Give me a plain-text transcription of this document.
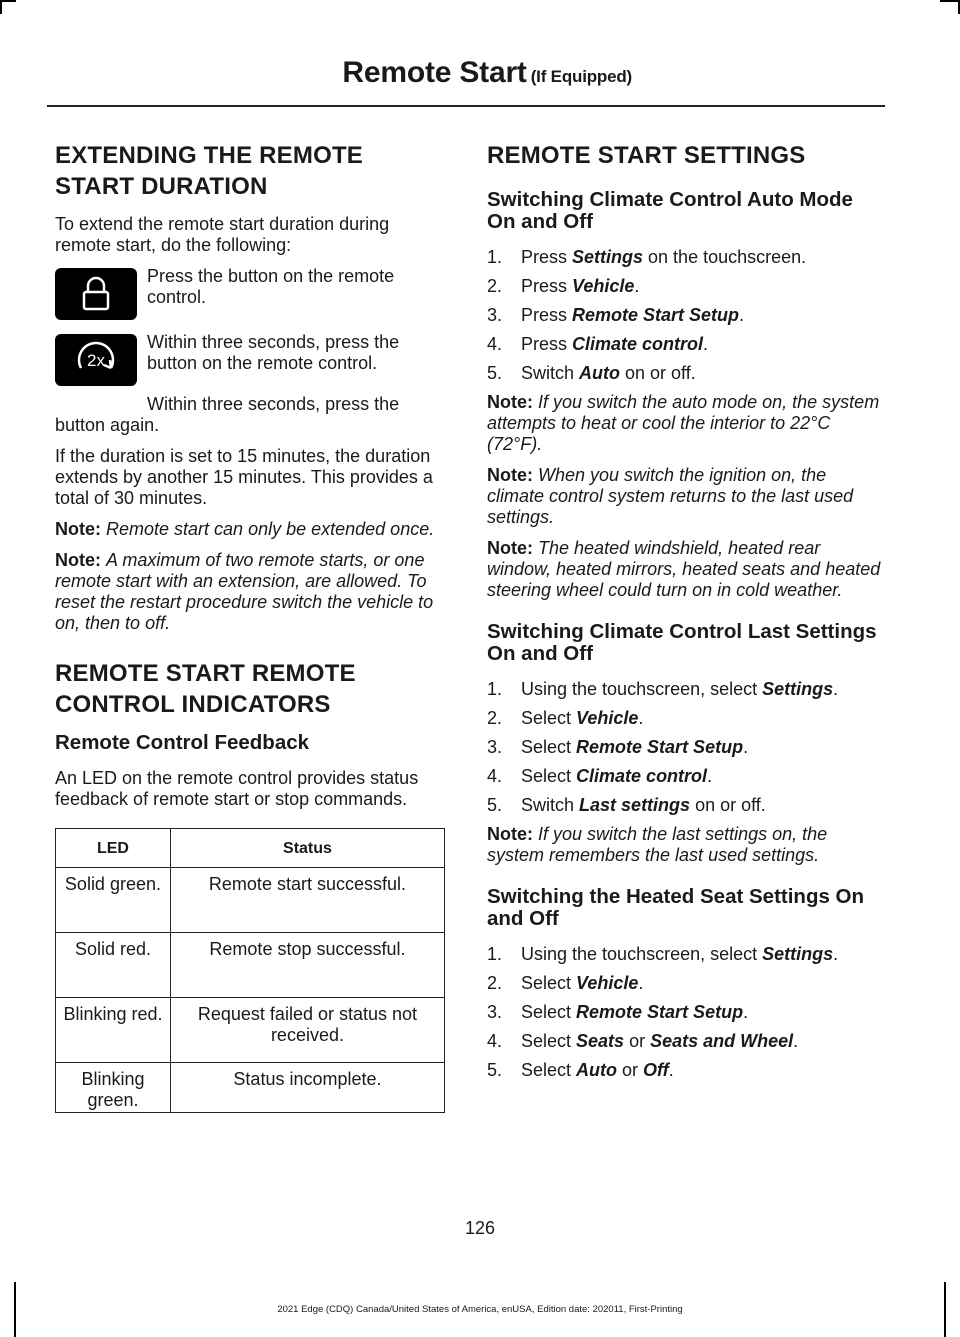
Remote Start (If Equipped)
EXTENDING THE REMOTE
START DURATION

To extend the remote start duration during remote start, do the following:

Press the button on the remote control.

2x

Within three seconds, press the button on the remote control.

Within three seconds, press the button again.

If the duration is set to 15 minutes, the duration extends by another 15 minutes. This provides a total of 30 minutes.

Note: Remote start can only be extended once.

Note: A maximum of two remote starts, or one remote start with an extension, are allowed. To reset the restart procedure switch the vehicle to on, then to off.

REMOTE START REMOTE
CONTROL INDICATORS
Remote Control Feedback

An LED on the remote control provides status feedback of remote start or stop commands.

LED	Status
Solid green.	Remote start successful.
Solid red.	Remote stop successful.
Blinking red.	Request failed or status not received.
Blinking green.	Status incomplete.
REMOTE START SETTINGS
Switching Climate Control Auto Mode On and Off
1.	Press Settings on the touchscreen.
2.	Press Vehicle.
3.	Press Remote Start Setup.
4.	Press Climate control.
5.	Switch Auto on or off.

Note: If you switch the auto mode on, the system attempts to heat or cool the interior to 22°C (72°F).

Note: When you switch the ignition on, the climate control system returns to the last used settings.

Note: The heated windshield, heated rear window, heated mirrors, heated seats and heated steering wheel could turn on in cold weather.

Switching Climate Control Last Settings On and Off
1.	Using the touchscreen, select Settings.
2.	Select Vehicle.
3.	Select Remote Start Setup.
4.	Select Climate control.
5.	Switch Last settings on or off.

Note: If you switch the last settings on, the system remembers the last used settings.

Switching the Heated Seat Settings On and Off
1.	Using the touchscreen, select Settings.
2.	Select Vehicle.
3.	Select Remote Start Setup.
4.	Select Seats or Seats and Wheel.
5.	Select Auto or Off.
126
2021 Edge (CDQ) Canada/United States of America, enUSA, Edition date: 202011, First-Printing
